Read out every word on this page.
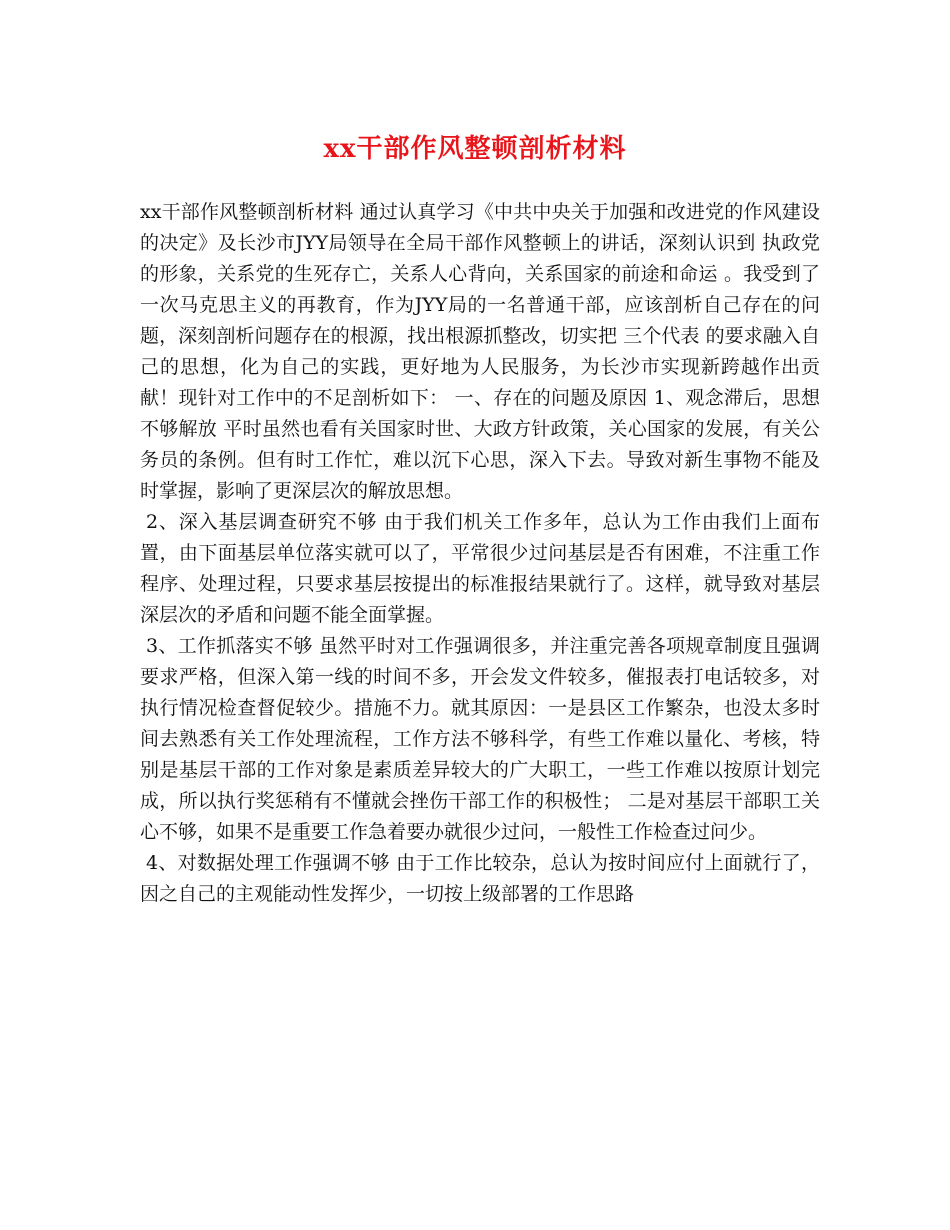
xx干部作风整顿剖析材料

xx干部作风整顿剖析材料 通过认真学习《中共中央关于加强和改进党的作风建设的决定》及长沙市JYY局领导在全局干部作风整顿上的讲话，深刻认识到 执政党的形象，关系党的生死存亡，关系人心背向，关系国家的前途和命运 。我受到了一次马克思主义的再教育，作为JYY局的一名普通干部，应该剖析自己存在的问题，深刻剖析问题存在的根源，找出根源抓整改，切实把 三个代表 的要求融入自己的思想，化为自己的实践，更好地为人民服务，为长沙市实现新跨越作出贡献！现针对工作中的不足剖析如下： 一、存在的问题及原因 1、观念滞后，思想不够解放 平时虽然也看有关国家时世、大政方针政策，关心国家的发展，有关公务员的条例。但有时工作忙，难以沉下心思，深入下去。导致对新生事物不能及时掌握，影响了更深层次的解放思想。

2、深入基层调查研究不够 由于我们机关工作多年，总认为工作由我们上面布置，由下面基层单位落实就可以了，平常很少过问基层是否有困难，不注重工作程序、处理过程，只要求基层按提出的标准报结果就行了。这样，就导致对基层深层次的矛盾和问题不能全面掌握。

3、工作抓落实不够 虽然平时对工作强调很多，并注重完善各项规章制度且强调要求严格，但深入第一线的时间不多，开会发文件较多，催报表打电话较多，对执行情况检查督促较少。措施不力。就其原因：一是县区工作繁杂，也没太多时间去熟悉有关工作处理流程，工作方法不够科学，有些工作难以量化、考核，特别是基层干部的工作对象是素质差异较大的广大职工，一些工作难以按原计划完成，所以执行奖惩稍有不懂就会挫伤干部工作的积极性； 二是对基层干部职工关心不够，如果不是重要工作急着要办就很少过问，一般性工作检查过问少。

4、对数据处理工作强调不够 由于工作比较杂，总认为按时间应付上面就行了，因之自己的主观能动性发挥少，一切按上级部署的工作思路
